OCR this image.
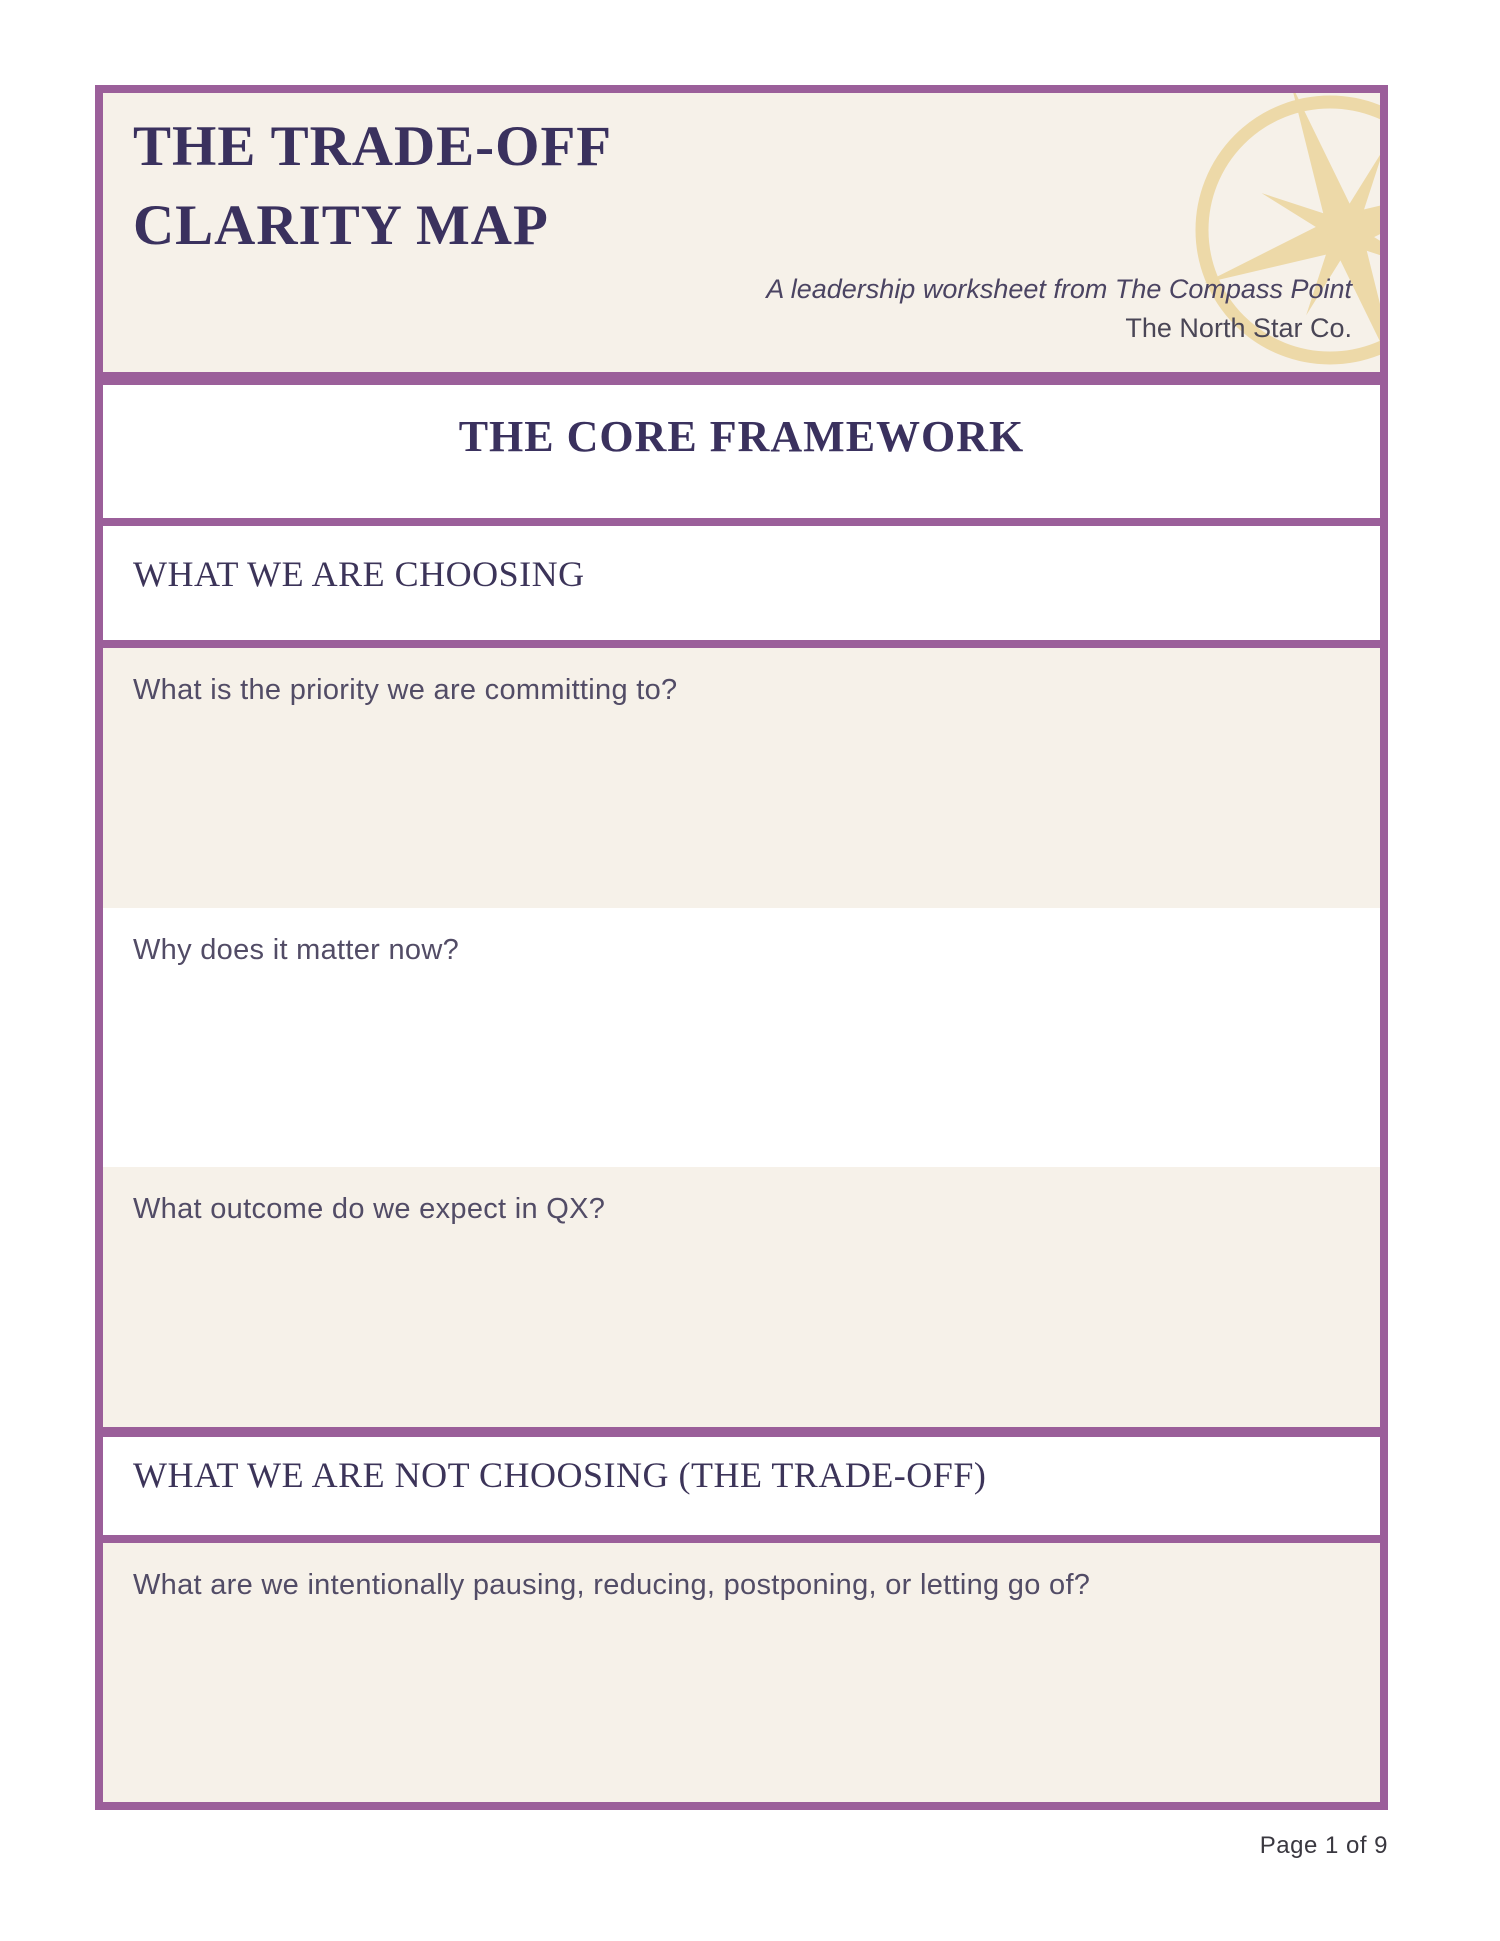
THE TRADE-OFF CLARITY MAP
A leadership worksheet from The Compass Point
The North Star Co.
THE CORE FRAMEWORK
WHAT WE ARE CHOOSING

What is the priority we are committing to?

Why does it matter now?

What outcome do we expect in QX?

WHAT WE ARE NOT CHOOSING (THE TRADE-OFF)

What are we intentionally pausing, reducing, postponing, or letting go of?

Page 1 of 9
